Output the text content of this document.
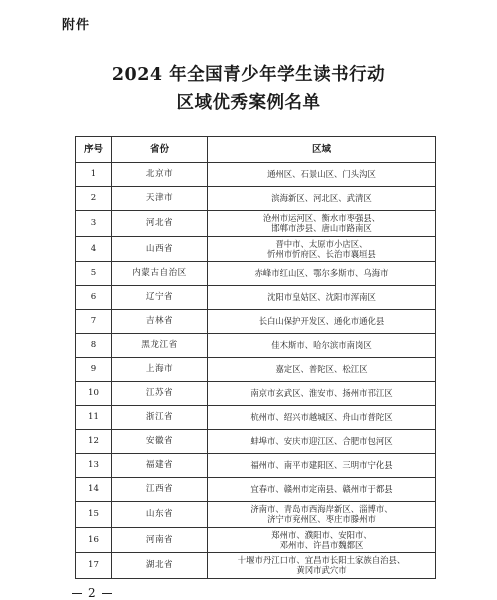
附件
2024 年全国青少年学生读书行动
区域优秀案例名单
序号	省份	区域
1	北京市	通州区、石景山区、门头沟区

2	天津市	滨海新区、河北区、武清区

3	河北省	沧州市运河区、衡水市枣强县、
邯郸市涉县、唐山市路南区

4	山西省	晋中市、太原市小店区、
忻州市忻府区、长治市襄垣县

5	内蒙古自治区	赤峰市红山区、鄂尔多斯市、乌海市

6	辽宁省	沈阳市皇姑区、沈阳市浑南区

7	吉林省	长白山保护开发区、通化市通化县

8	黑龙江省	佳木斯市、哈尔滨市南岗区

9	上海市	嘉定区、普陀区、松江区

10	江苏省	南京市玄武区、淮安市、扬州市邗江区

11	浙江省	杭州市、绍兴市越城区、舟山市普陀区

12	安徽省	蚌埠市、安庆市迎江区、合肥市包河区

13	福建省	福州市、南平市建阳区、三明市宁化县

14	江西省	宜春市、赣州市定南县、赣州市于都县

15	山东省	济南市、青岛市西海岸新区、淄博市、
济宁市兖州区、枣庄市滕州市

16	河南省	郑州市、濮阳市、安阳市、
邓州市、许昌市魏都区

17	湖北省	十堰市丹江口市、宜昌市长阳土家族自治县、
黄冈市武穴市
2
